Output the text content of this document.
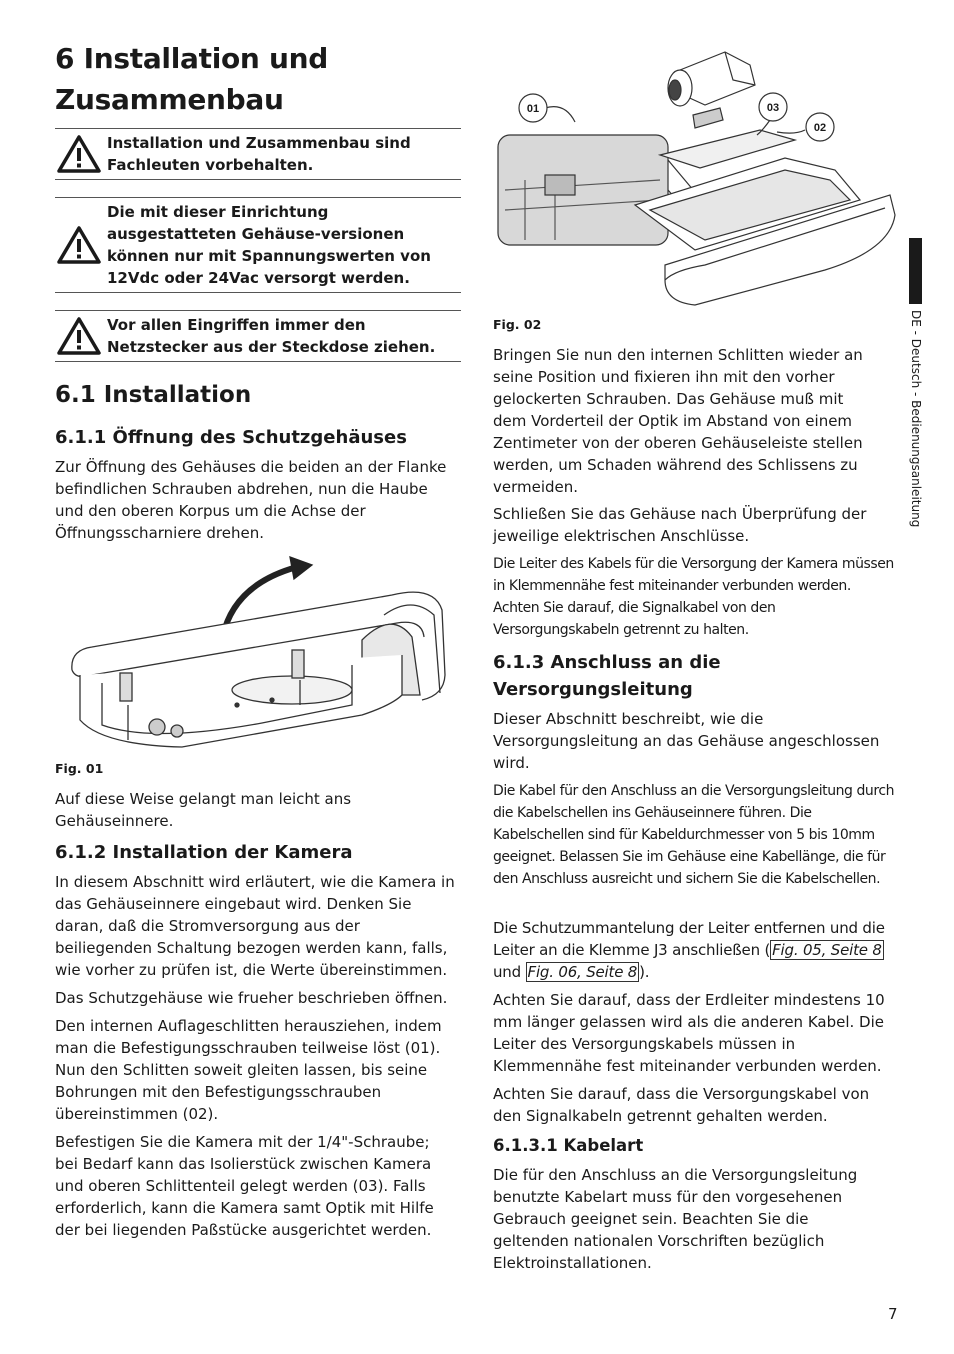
6 Installation und Zusammenbau
Installation und Zusammenbau sind Fachleuten vorbehalten.
Die mit dieser Einrichtung ausgestatteten Gehäuse-versionen können nur mit Spannungswerten von 12Vdc oder 24Vac versorgt werden.
Vor allen Eingriffen immer den Netzstecker aus der Steckdose ziehen.
6.1 Installation
6.1.1 Öffnung des Schutzgehäuses
Zur Öffnung des Gehäuses die beiden an der Flanke befindlichen Schrauben abdrehen, nun die Haube und den oberen Korpus um die Achse der Öffnungsscharniere drehen.
Fig. 01
Auf diese Weise gelangt man leicht ans Gehäuseinnere.
6.1.2 Installation der Kamera
In diesem Abschnitt wird erläutert, wie die Kamera in das Gehäuseinnere eingebaut wird. Denken Sie daran, daß die Stromversorgung aus der beiliegenden Schaltung bezogen werden kann, falls, wie vorher zu prüfen ist, die Werte übereinstimmen.
Das Schutzgehäuse wie frueher beschrieben öffnen.
Den internen Auflageschlitten herausziehen, indem man die Befestigungsschrauben teilweise löst (01). Nun den Schlitten soweit gleiten lassen, bis seine Bohrungen mit den Befestigungsschrauben übereinstimmen (02).
Befestigen Sie die Kamera mit der 1/4"-Schraube; bei Bedarf kann das Isolierstück zwischen Kamera und oberen Schlittenteil gelegt werden (03). Falls erforderlich, kann die Kamera samt Optik mit Hilfe der bei liegenden Paßstücke ausgerichtet werden.
01	03
02
Fig. 02
Bringen Sie nun den internen Schlitten wieder an seine Position und fixieren ihn mit den vorher gelockerten Schrauben. Das Gehäuse muß mit dem Vorderteil der Optik im Abstand von einem Zentimeter von der oberen Gehäuseleiste stellen werden, um Schaden während des Schlissens zu vermeiden.
Schließen Sie das Gehäuse nach Überprüfung der jeweilige elektrischen Anschlüsse.
Die Leiter des Kabels für die Versorgung der Kamera müssen in Klemmennähe fest miteinander verbunden werden. Achten Sie darauf, die Signalkabel von den Versorgungskabeln getrennt zu halten.
6.1.3 Anschluss an die Versorgungsleitung
Dieser Abschnitt beschreibt, wie die Versorgungsleitung an das Gehäuse angeschlossen wird.
Die Kabel für den Anschluss an die Versorgungsleitung durch die Kabelschellen ins Gehäuseinnere führen. Die Kabelschellen sind für Kabeldurchmesser von 5 bis 10mm geeignet. Belassen Sie im Gehäuse eine Kabellänge, die für den Anschluss ausreicht und sichern Sie die Kabelschellen.
Die Schutzummantelung der Leiter entfernen und die Leiter an die Klemme J3 anschließen ( Fig. 05, Seite 8 und Fig. 06, Seite 8 ).
Achten Sie darauf, dass der Erdleiter mindestens 10 mm länger gelassen wird als die anderen Kabel. Die Leiter des Versorgungskabels müssen in Klemmennähe fest miteinander verbunden werden.
Achten Sie darauf, dass die Versorgungskabel von den Signalkabeln getrennt gehalten werden.
6.1.3.1 Kabelart
Die für den Anschluss an die Versorgungsleitung benutzte Kabelart muss für den vorgesehenen Gebrauch geeignet sein. Beachten Sie die geltenden nationalen Vorschriften bezüglich Elektroinstallationen.
DE - Deutsch - Bedienungsanleitung
7
